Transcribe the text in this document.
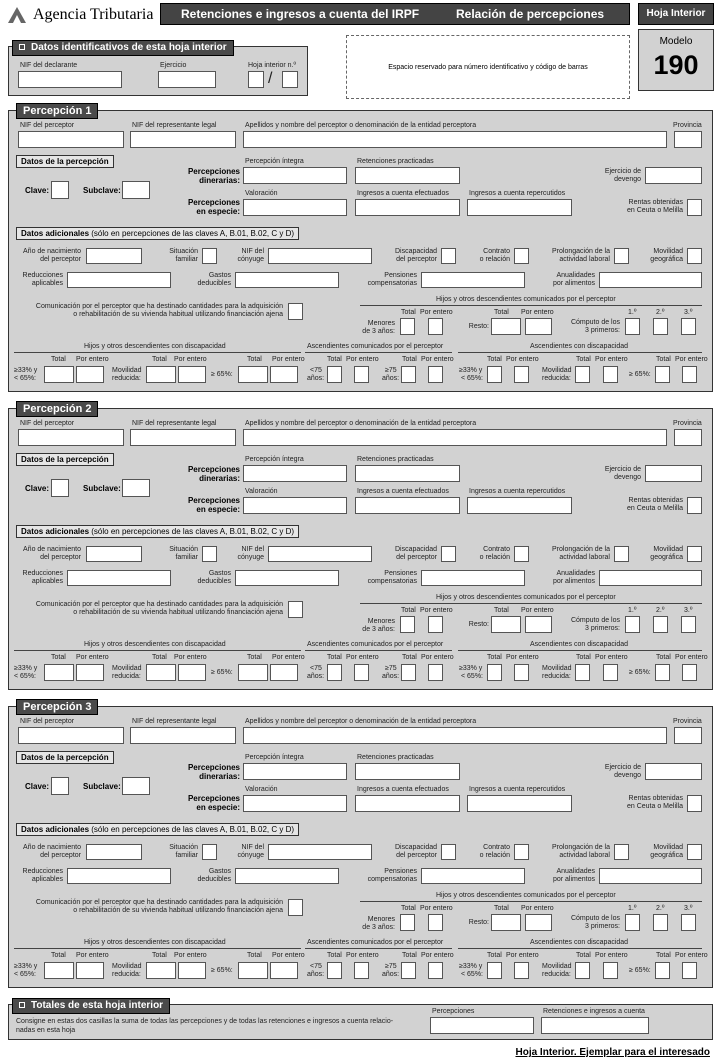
Agencia Tributaria Retenciones e ingresos a cuenta del IRPF	Relación de percepciones	Hoja Interior
Modelo
190
Datos identificativos de esta hoja interior
NIF del declarante	Ejercicio	Hoja interior n.º
/
Espacio reservado para número identificativo y código de barras
Percepción 1
NIF del perceptor	NIF del representante legal	Apellidos y nombre del perceptor o denominación de la entidad perceptora	Provincia
Datos de la percepción
Clave:	Subclave:
Percepciones
dinerarias:
Percepción íntegra	Retenciones practicadas
Ejercicio de
devengo
Percepciones
en especie:
Valoración	Ingresos a cuenta efectuados	Ingresos a cuenta repercutidos
Rentas obtenidas
en Ceuta o Melilla
Datos adicionales (sólo en percepciones de las claves A, B.01, B.02, C y D)
Año de nacimiento
del perceptor
Situación
familiar
NIF del
cónyuge
Discapacidad
del perceptor
Contrato
o relación
Prolongación de la
actividad laboral
Movilidad
geográfica
Reducciones
aplicables
Gastos
deducibles
Pensiones
compensatorias
Anualidades
por alimentos
Comunicación por el perceptor que ha destinado cantidades para la adquisición
o rehabilitación de su vivienda habitual utilizando financiación ajena
Hijos y otros descendientes comunicados por el perceptor
Total Por entero
Menores
de 3 años:
Total Por entero
Resto:
Cómputo de los
3 primeros:
1.º	2.º	3.º
Hijos y otros descendientes con discapacidad	Ascendientes comunicados por el perceptor	Ascendientes con discapacidad
≥33% y
< 65%:
Total Por entero
Movilidad
reducida:
Total Por entero
≥ 65%:
Total Por entero
<75
años:
Total Por entero
≥75
años:
Total Por entero
≥33% y
< 65%:
Total Por entero
Movilidad
reducida:
Total Por entero
≥ 65%:
Total Por entero
Percepción 2
NIF del perceptor	NIF del representante legal	Apellidos y nombre del perceptor o denominación de la entidad perceptora	Provincia
Datos de la percepción
Clave:	Subclave:
Percepciones
dinerarias:
Percepción íntegra	Retenciones practicadas
Ejercicio de
devengo
Percepciones
en especie:
Valoración	Ingresos a cuenta efectuados	Ingresos a cuenta repercutidos
Rentas obtenidas
en Ceuta o Melilla
Datos adicionales (sólo en percepciones de las claves A, B.01, B.02, C y D)
Año de nacimiento
del perceptor
Situación
familiar
NIF del
cónyuge
Discapacidad
del perceptor
Contrato
o relación
Prolongación de la
actividad laboral
Movilidad
geográfica
Reducciones
aplicables
Gastos
deducibles
Pensiones
compensatorias
Anualidades
por alimentos
Comunicación por el perceptor que ha destinado cantidades para la adquisición
o rehabilitación de su vivienda habitual utilizando financiación ajena
Hijos y otros descendientes comunicados por el perceptor
Total Por entero
Menores
de 3 años:
Total Por entero
Resto:
Cómputo de los
3 primeros:
1.º	2.º	3.º
Hijos y otros descendientes con discapacidad	Ascendientes comunicados por el perceptor	Ascendientes con discapacidad
≥33% y
< 65%:
Total Por entero
Movilidad
reducida:
Total Por entero
≥ 65%:
Total Por entero
<75
años:
Total Por entero
≥75
años:
Total Por entero
≥33% y
< 65%:
Total Por entero
Movilidad
reducida:
Total Por entero
≥ 65%:
Total Por entero
Percepción 3
NIF del perceptor	NIF del representante legal	Apellidos y nombre del perceptor o denominación de la entidad perceptora	Provincia
Datos de la percepción
Clave:	Subclave:
Percepciones
dinerarias:
Percepción íntegra	Retenciones practicadas
Ejercicio de
devengo
Percepciones
en especie:
Valoración	Ingresos a cuenta efectuados	Ingresos a cuenta repercutidos
Rentas obtenidas
en Ceuta o Melilla
Datos adicionales (sólo en percepciones de las claves A, B.01, B.02, C y D)
Año de nacimiento
del perceptor
Situación
familiar
NIF del
cónyuge
Discapacidad
del perceptor
Contrato
o relación
Prolongación de la
actividad laboral
Movilidad
geográfica
Reducciones
aplicables
Gastos
deducibles
Pensiones
compensatorias
Anualidades
por alimentos
Comunicación por el perceptor que ha destinado cantidades para la adquisición
o rehabilitación de su vivienda habitual utilizando financiación ajena
Hijos y otros descendientes comunicados por el perceptor
Total Por entero
Menores
de 3 años:
Total Por entero
Resto:
Cómputo de los
3 primeros:
1.º	2.º	3.º
Hijos y otros descendientes con discapacidad	Ascendientes comunicados por el perceptor	Ascendientes con discapacidad
≥33% y
< 65%:
Total Por entero
Movilidad
reducida:
Total Por entero
≥ 65%:
Total Por entero
<75
años:
Total Por entero
≥75
años:
Total Por entero
≥33% y
< 65%:
Total Por entero
Movilidad
reducida:
Total Por entero
≥ 65%:
Total Por entero
Totales de esta hoja interior
Consigne en estas dos casillas la suma de todas las percepciones y de todas las retenciones e ingresos a cuenta relacio-
nadas en esta hoja
Percepciones	Retenciones e ingresos a cuenta
Hoja Interior. Ejemplar para el interesado
